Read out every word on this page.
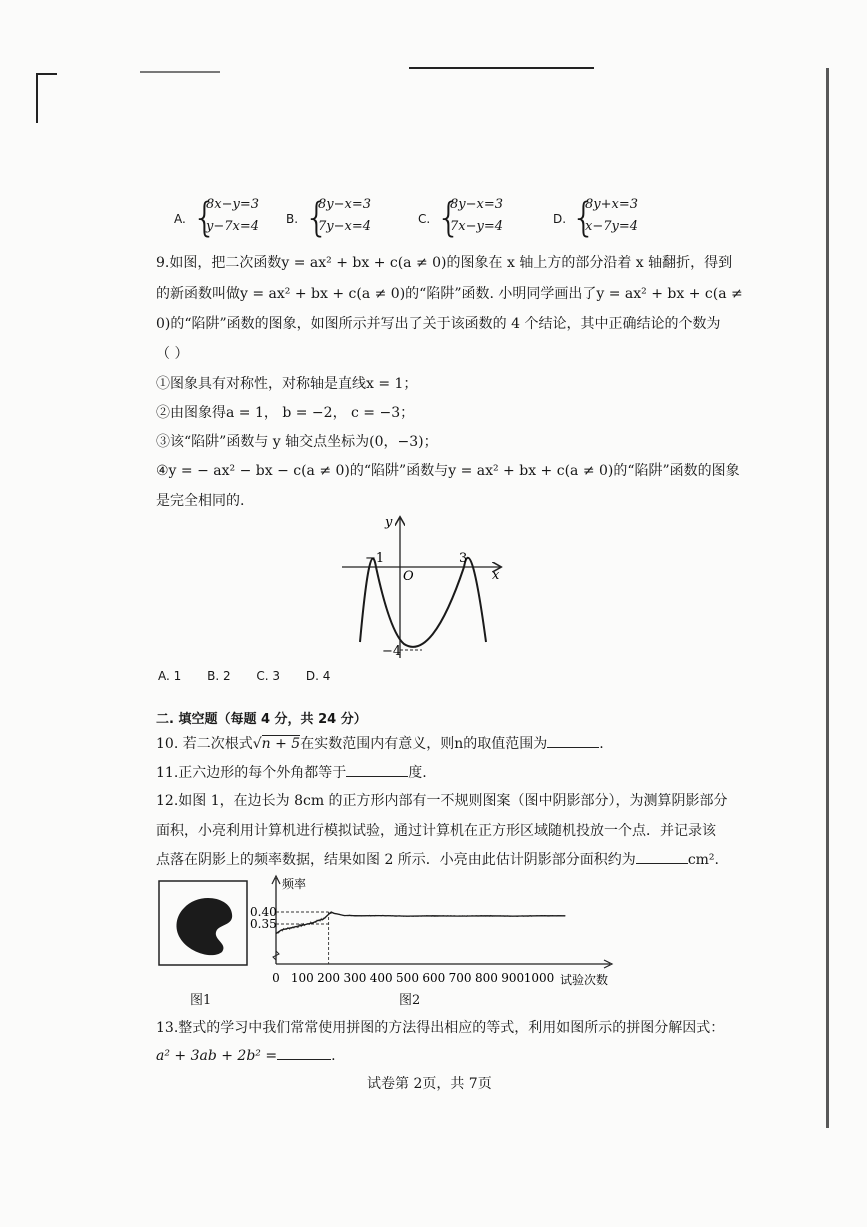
A. {
8x−y=3
y−7x=4 B. {
8y−x=3
7y−x=4	C. {
8y−x=3
7x−y=4	D. {
8y+x=3
x−7y=4
9.如图，把二次函数y = ax² + bx + c(a ≠ 0)的图象在 x 轴上方的部分沿着 x 轴翻折，得到
的新函数叫做y = ax² + bx + c(a ≠ 0)的“陷阱”函数. 小明同学画出了y = ax² + bx + c(a ≠
0)的“陷阱”函数的图象，如图所示并写出了关于该函数的 4 个结论，其中正确结论的个数为
（ ）
①图象具有对称性，对称轴是直线x = 1；
②由图象得a = 1， b = −2， c = −3；
③该“陷阱”函数与 y 轴交点坐标为(0，−3)；
④y = − ax² − bx − c(a ≠ 0)的“陷阱”函数与y = ax² + bx + c(a ≠ 0)的“陷阱”函数的图象
是完全相同的.
y
x
O
−1	3
−4
A. 1 B. 2 C. 3 D. 4
二. 填空题（每题 4 分，共 24 分）
10. 若二次根式√n + 5在实数范围内有意义，则n的取值范围为	.
11.正六边形的每个外角都等于	度.
12.如图 1，在边长为 8cm 的正方形内部有一不规则图案（图中阴影部分），为测算阴影部分
面积，小亮利用计算机进行模拟试验，通过计算机在正方形区域随机投放一个点．并记录该
点落在阴影上的频率数据，结果如图 2 所示．小亮由此估计阴影部分面积约为	cm².
图1
0.35
0.40
0 100 200 300 400 500 600 700 800 900 1000
频率
试验次数
图2
13.整式的学习中我们常常使用拼图的方法得出相应的等式，利用如图所示的拼图分解因式：
a² + 3ab + 2b² =	.
试卷第 2页，共 7页
